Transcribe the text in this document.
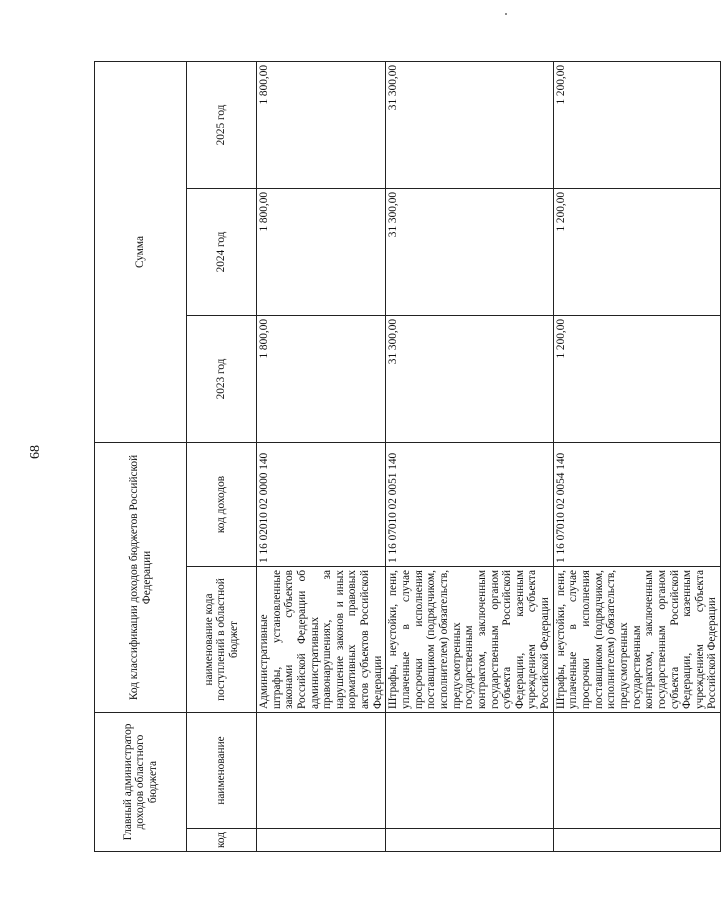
68
Главный администратор доходов областного бюджета		Код классификации доходов бюджетов Российской Федерации		Сумма		
код	наименование	наименование кода поступлений в областной бюджет	код доходов	2023 год	2024 год	2025 год
		Административные штрафы, установленные законами субъектов Российской Федерации об административных правонарушениях, за нарушение законов и иных нормативных правовых актов субъектов Российской Федерации	1 16 02010 02 0000 140	1 800,00	1 800,00	1 800,00
		Штрафы, неустойки, пени, уплаченные в случае просрочки исполнения поставщиком (подрядчиком, исполнителем) обязательств, предусмотренных государственным контрактом, заключенным государственным органом субъекта Российской Федерации, казенным учреждением субъекта Российской Федерации	1 16 07010 02 0051 140	31 300,00	31 300,00	31 300,00
		Штрафы, неустойки, пени, уплаченные в случае просрочки исполнения поставщиком (подрядчиком, исполнителем) обязательств, предусмотренных государственным контрактом, заключенным государственным органом субъекта Российской Федерации, казенным учреждением субъекта Российской Федерации	1 16 07010 02 0054 140	1 200,00	1 200,00	1 200,00
